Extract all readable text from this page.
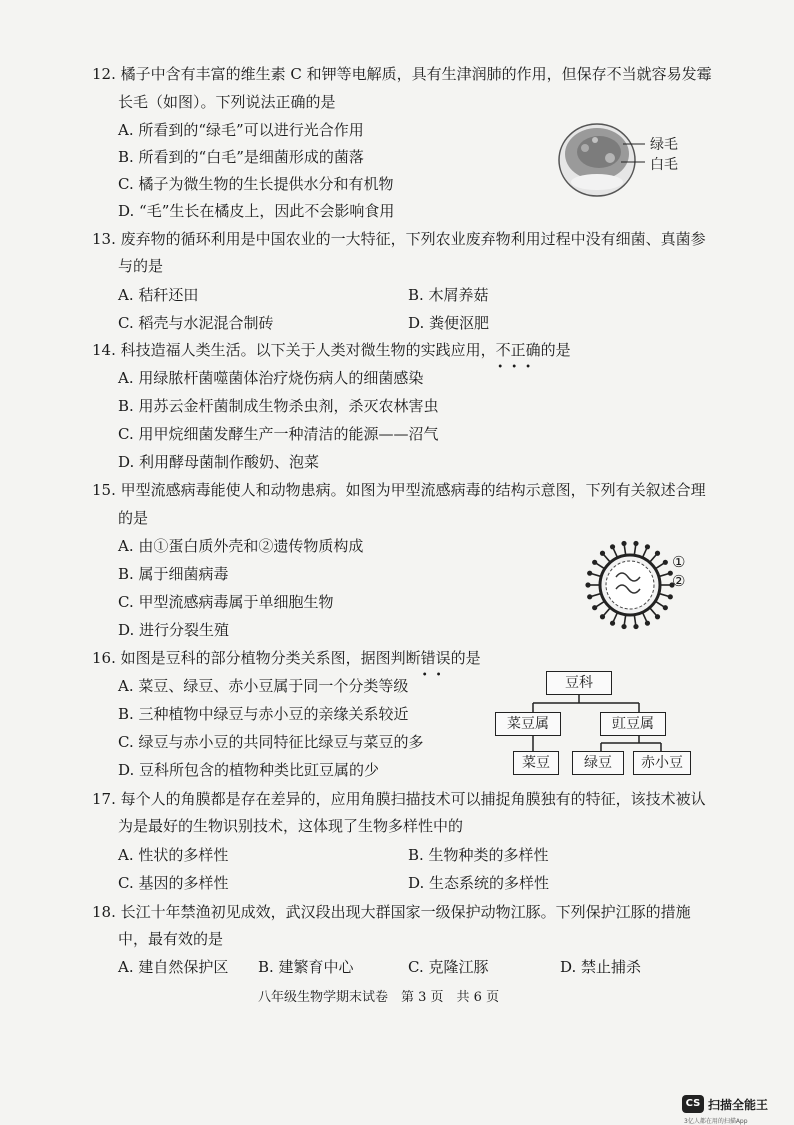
12. 橘子中含有丰富的维生素 C 和钾等电解质，具有生津润肺的作用，但保存不当就容易发霉
长毛（如图）。下列说法正确的是
A. 所看到的“绿毛”可以进行光合作用
B. 所看到的“白毛”是细菌形成的菌落
C. 橘子为微生物的生长提供水分和有机物
D. “毛”生长在橘皮上，因此不会影响食用
绿毛
白毛
13. 废弃物的循环利用是中国农业的一大特征，下列农业废弃物利用过程中没有细菌、真菌参
与的是
A. 秸秆还田	B. 木屑养菇
C. 稻壳与水泥混合制砖	D. 粪便沤肥
14. 科技造福人类生活。以下关于人类对微生物的实践应用，不正确
•••
的是
A. 用绿脓杆菌噬菌体治疗烧伤病人的细菌感染
B. 用苏云金杆菌制成生物杀虫剂，杀灭农林害虫
C. 用甲烷细菌发酵生产一种清洁的能源——沼气
D. 利用酵母菌制作酸奶、泡菜
15. 甲型流感病毒能使人和动物患病。如图为甲型流感病毒的结构示意图，下列有关叙述合理
的是
A. 由①蛋白质外壳和②遗传物质构成
B. 属于细菌病毒
C. 甲型流感病毒属于单细胞生物
D. 进行分裂生殖
①
②
16. 如图是豆科的部分植物分类关系图，据图判断错误
••
的是
A. 菜豆、绿豆、赤小豆属于同一个分类等级
B. 三种植物中绿豆与赤小豆的亲缘关系较近
C. 绿豆与赤小豆的共同特征比绿豆与菜豆的多
D. 豆科所包含的植物种类比豇豆属的少
豆科
菜豆属	豇豆属
菜豆	绿豆	赤小豆
17. 每个人的角膜都是存在差异的，应用角膜扫描技术可以捕捉角膜独有的特征，该技术被认
为是最好的生物识别技术，这体现了生物多样性中的
A. 性状的多样性	B. 生物种类的多样性
C. 基因的多样性	D. 生态系统的多样性
18. 长江十年禁渔初见成效，武汉段出现大群国家一级保护动物江豚。下列保护江豚的措施
中，最有效的是
A. 建自然保护区 B. 建繁育中心	C. 克隆江豚	D. 禁止捕杀
八年级生物学期末试卷　第 3 页　共 6 页
CS 扫描全能王
3亿人都在用的扫描App
